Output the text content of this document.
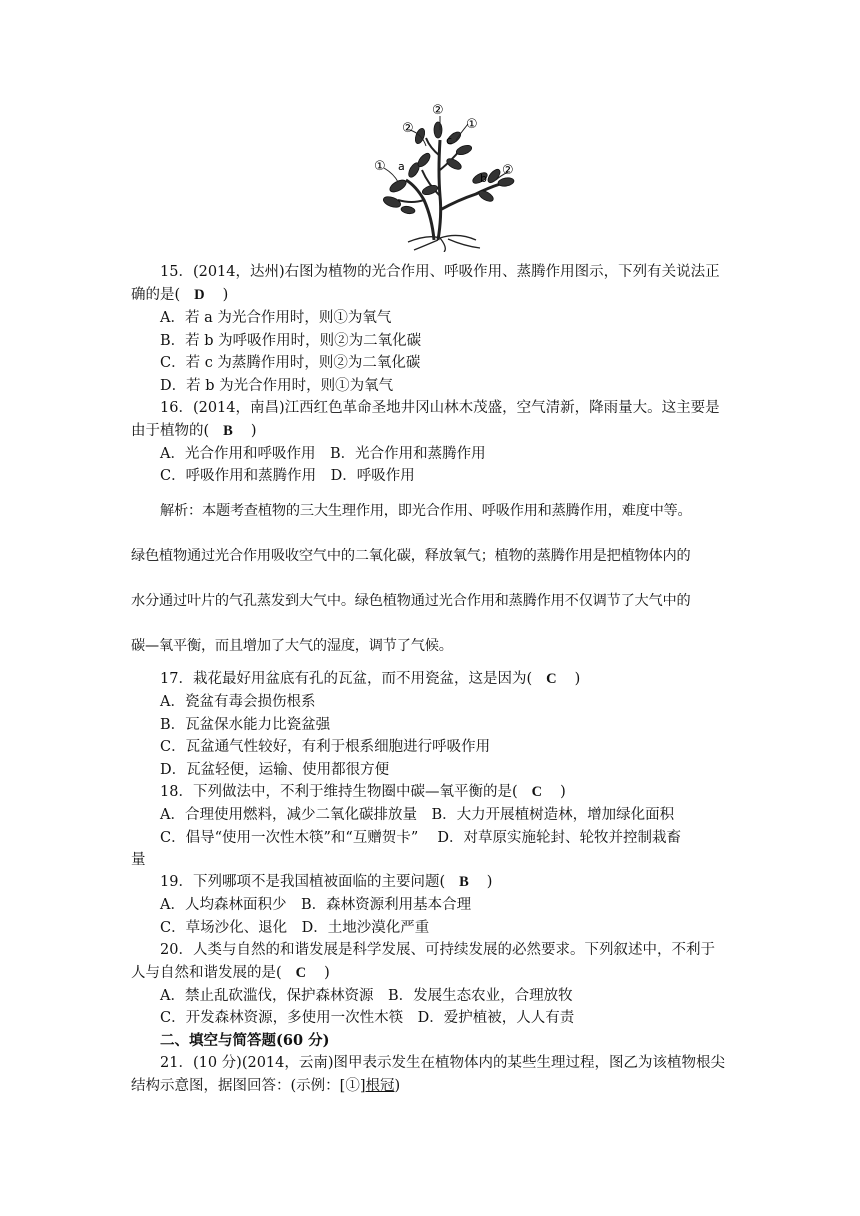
① a
②
②
c
①
b
②
15．(2014，达州)右图为植物的光合作用、呼吸作用、蒸腾作用图示，下列有关说法正
确的是( D )
A．若 a 为光合作用时，则①为氧气
B．若 b 为呼吸作用时，则②为二氧化碳
C．若 c 为蒸腾作用时，则②为二氧化碳
D．若 b 为光合作用时，则①为氧气
16．(2014，南昌)江西红色革命圣地井冈山林木茂盛，空气清新，降雨量大。这主要是
由于植物的( B )
A．光合作用和呼吸作用　B．光合作用和蒸腾作用
C．呼吸作用和蒸腾作用　D．呼吸作用
解析：本题考查植物的三大生理作用，即光合作用、呼吸作用和蒸腾作用，难度中等。
绿色植物通过光合作用吸收空气中的二氧化碳，释放氧气；植物的蒸腾作用是把植物体内的
水分通过叶片的气孔蒸发到大气中。绿色植物通过光合作用和蒸腾作用不仅调节了大气中的
碳—氧平衡，而且增加了大气的湿度，调节了气候。
17．栽花最好用盆底有孔的瓦盆，而不用瓷盆，这是因为( C )
A．瓷盆有毒会损伤根系
B．瓦盆保水能力比瓷盆强
C．瓦盆通气性较好，有利于根系细胞进行呼吸作用
D．瓦盆轻便，运输、使用都很方便
18．下列做法中，不利于维持生物圈中碳—氧平衡的是( C )
A．合理使用燃料，减少二氧化碳排放量　B．大力开展植树造林，增加绿化面积
C．倡导“使用一次性木筷”和“互赠贺卡”　 D．对草原实施轮封、轮牧并控制栽畜
量
19．下列哪项不是我国植被面临的主要问题( B )
A．人均森林面积少　B．森林资源利用基本合理
C．草场沙化、退化　D．土地沙漠化严重
20．人类与自然的和谐发展是科学发展、可持续发展的必然要求。下列叙述中，不利于
人与自然和谐发展的是( C )
A．禁止乱砍滥伐，保护森林资源　B．发展生态农业，合理放牧
C．开发森林资源，多使用一次性木筷　D．爱护植被，人人有责
二、填空与简答题(60 分)
21．(10 分)(2014，云南)图甲表示发生在植物体内的某些生理过程，图乙为该植物根尖
结构示意图，据图回答：(示例：[①]根冠)
